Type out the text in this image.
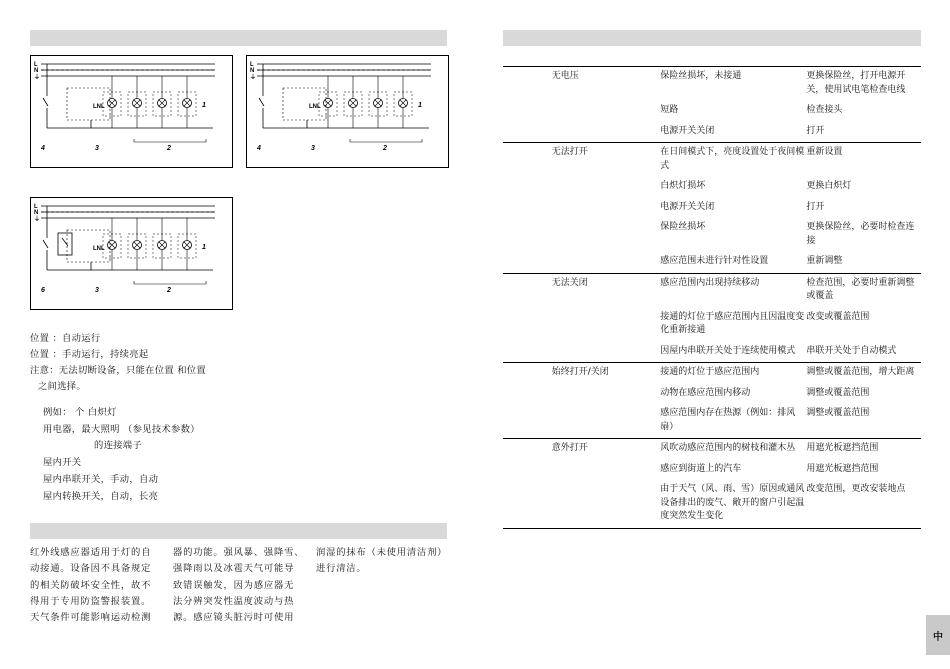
L
N
⏚
LNL	1
4	3	2
L
N
⏚
LNL	1
4	3	2
L
N
⏚
LNL	1
6	3	2
位置 ：自动运行
位置 ：手动运行，持续亮起
注意：无法切断设备，只能在位置 和位置
之间选择。
例如： 个 白炽灯
用电器，最大照明 （参见技术参数）
的连接端子
屋内开关
屋内串联开关，手动，自动
屋内转换开关，自动，长亮
红外线感应器适用于灯的自
动接通。设备因不具备规定
的相关防破坏安全性，故不
得用于专用防盗警报装置。
天气条件可能影响运动检测
器的功能。强风暴、强降雪、
强降雨以及冰雹天气可能导
致错误触发，因为感应器无
法分辨突发性温度波动与热
源。感应镜头脏污时可使用
润湿的抹布（未使用清洁剂）
进行清洁。
	无电压	保险丝损坏，未接通	更换保险丝，打开电源开关，使用试电笔检查电线
		短路	检查接头
		电源开关关闭	打开
	无法打开	在日间模式下，亮度设置处于夜间模式	重新设置
		白炽灯损坏	更换白炽灯
		电源开关关闭	打开
		保险丝损坏	更换保险丝，必要时检查连接
		感应范围未进行针对性设置	重新调整
	无法关闭	感应范围内出现持续移动	检查范围，必要时重新调整或覆盖
		接通的灯位于感应范围内且因温度变化重新接通	改变或覆盖范围
		因屋内串联开关处于连续使用模式	串联开关处于自动模式
	始终打开/关闭	接通的灯位于感应范围内	调整或覆盖范围，增大距离
		动物在感应范围内移动	调整或覆盖范围
		感应范围内存在热源（例如：排风扇）	调整或覆盖范围
	意外打开	风吹动感应范围内的树枝和灌木丛	用遮光板遮挡范围
		感应到街道上的汽车	用遮光板遮挡范围
		由于天气（风、雨、雪）原因或通风设备排出的废气、敞开的窗户引起温度突然发生变化	改变范围，更改安装地点
中
